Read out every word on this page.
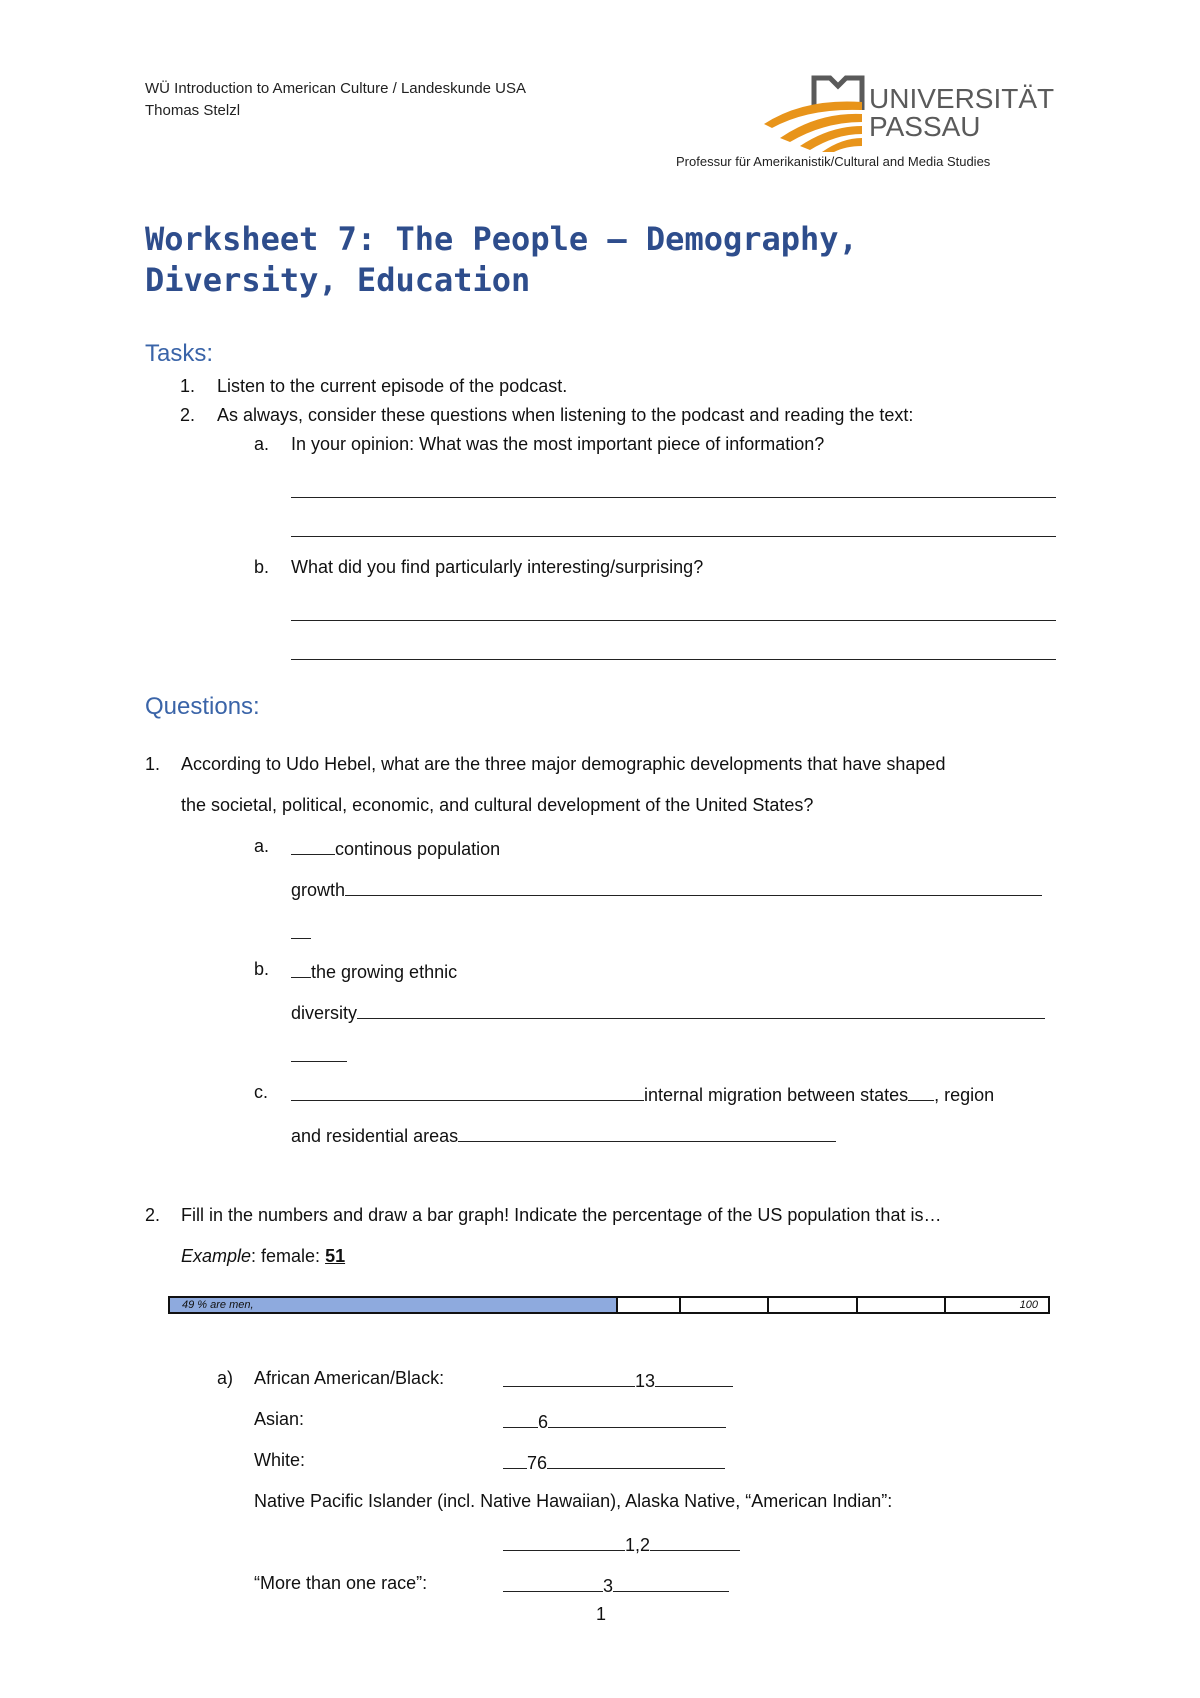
WÜ Introduction to American Culture / Landeskunde USA
Thomas Stelzl	UNIVERSITÄT
PASSAU
Professur für Amerikanistik/Cultural and Media Studies
Worksheet 7: The People – Demography,
Diversity, Education
Tasks:
1. Listen to the current episode of the podcast.
2. As always, consider these questions when listening to the podcast and reading the text:
a. In your opinion: What was the most important piece of information?
b. What did you find particularly interesting/surprising?
Questions:
1. According to Udo Hebel, what are the three major demographic developments that have shaped
the societal, political, economic, and cultural development of the United States?
a.	continous population
growth
b.	the growing ethnic
diversity
c.	internal migration between states , region
and residential areas
2. Fill in the numbers and draw a bar graph! Indicate the percentage of the US population that is…
Example: female: 51
49 % are men,	100
a) African American/Black:	13
Asian:	6
White:	76
Native Pacific Islander (incl. Native Hawaiian), Alaska Native, “American Indian”:
1,2
“More than one race”:	3
1
